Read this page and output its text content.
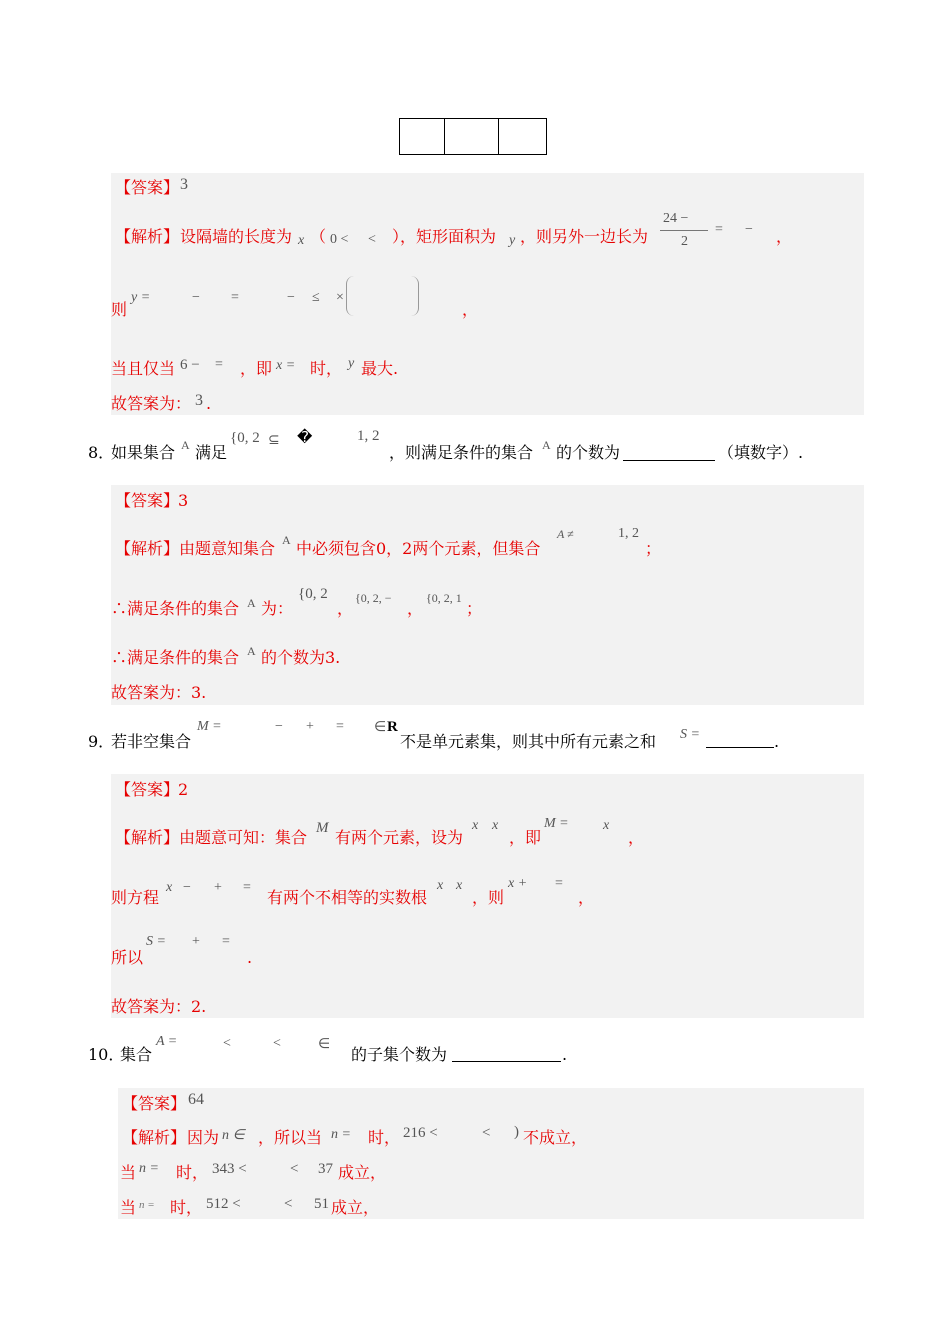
【答案】 3
【解析】 设隔墙的长度为 x （ 0 < < ），矩形面积为 y ，则另外一边长为
24 −
2
= − ，
则
y =	− =	− ≤ ×
，
当且仅当 6 − = ，即 x = 时， y 最大.
故答案为： 3 .
8．
如果集合 A 满足
{0, 2 ⊆ �	1, 2
，则满足条件的集合 A 的个数为	（填数字）.
【答案】
3
【解析】 由题意知集合 A 中必须包含0，2两个元素，但集合
A ≠	1, 2
；
∴满足条件的集合 A 为：
{0, 2
，
{0, 2, −
，
{0, 2, 1
；
∴满足条件的集合 A 的个数为3.
故答案为：3.
9．
若非空集合
M =	− + = ∈ R
不是单元素集，则其中所有元素之和 S =	.
【答案】
2
【解析】 由题意可知：集合 M 有两个元素，设为
x x
，即
M = x
，
则方程
x − + =
有两个不相等的实数根
x x
，则
x + =
，
所以
S = + =
.
故答案为：2.
10．
集合
A =	<	<	∈
的子集个数为	.
【答案】 64
【解析】 因为 n ∈ ，所以当 n = 时， 216 <	< ) 不成立，
当 n = 时， 343 <	< 37 成立，
当 n = 时， 512 <	< 51 成立，
